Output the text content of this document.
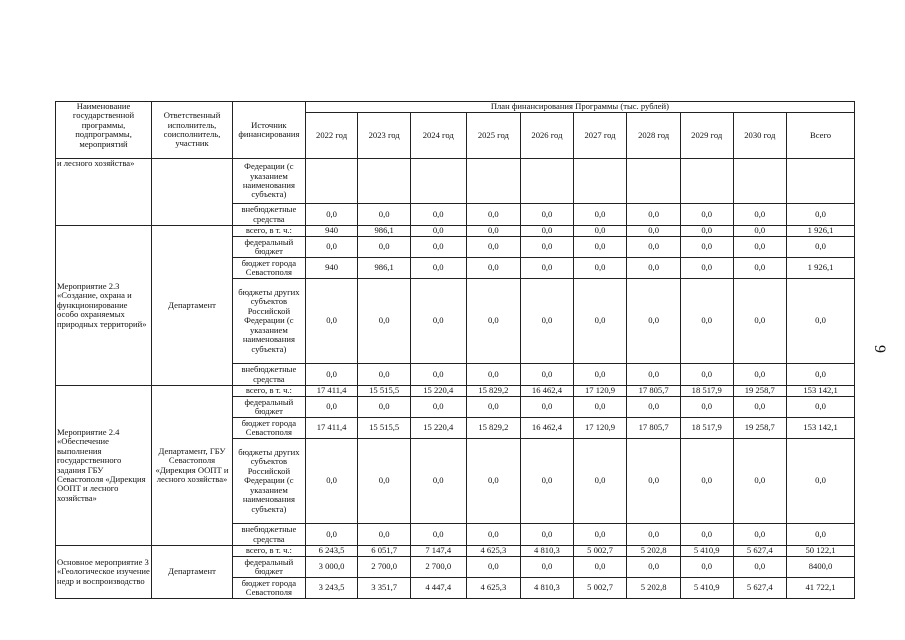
9
Наименование государственной программы, подпрограммы, мероприятий	Ответственный исполнитель, соисполнитель, участник	Источник финансирования	План финансирования Программы (тыс. рублей)									
			2022 год	2023 год	2024 год	2025 год	2026 год	2027 год	2028 год	2029 год	2030 год	Всего
и лесного хозяйства»		Федерации (с указанием наименования субъекта)										
		внебюджетные средства	0,0	0,0	0,0	0,0	0,0	0,0	0,0	0,0	0,0	0,0
Мероприятие 2.3 «Создание, охрана и функционирование особо охраняемых природных территорий»	Департамент	всего, в т. ч.:	940	986,1	0,0	0,0	0,0	0,0	0,0	0,0	0,0	1 926,1
		федеральный бюджет	0,0	0,0	0,0	0,0	0,0	0,0	0,0	0,0	0,0	0,0
		бюджет города Севастополя	940	986,1	0,0	0,0	0,0	0,0	0,0	0,0	0,0	1 926,1
		бюджеты других субъектов Российской Федерации (с указанием наименования субъекта)	0,0	0,0	0,0	0,0	0,0	0,0	0,0	0,0	0,0	0,0
		внебюджетные средства	0,0	0,0	0,0	0,0	0,0	0,0	0,0	0,0	0,0	0,0
Мероприятие 2.4 «Обеспечение выполнения государственного задания ГБУ Севастополя «Дирекция ООПТ и лесного хозяйства»	Департамент, ГБУ Севастополя «Дирекция ООПТ и лесного хозяйства»	всего, в т. ч.:	17 411,4	15 515,5	15 220,4	15 829,2	16 462,4	17 120,9	17 805,7	18 517,9	19 258,7	153 142,1
		федеральный бюджет	0,0	0,0	0,0	0,0	0,0	0,0	0,0	0,0	0,0	0,0
		бюджет города Севастополя	17 411,4	15 515,5	15 220,4	15 829,2	16 462,4	17 120,9	17 805,7	18 517,9	19 258,7	153 142,1
		бюджеты других субъектов Российской Федерации (с указанием наименования субъекта)	0,0	0,0	0,0	0,0	0,0	0,0	0,0	0,0	0,0	0,0
		внебюджетные средства	0,0	0,0	0,0	0,0	0,0	0,0	0,0	0,0	0,0	0,0
Основное мероприятие 3 «Геологическое изучение недр и воспроизводство	Департамент	всего, в т. ч.:	6 243,5	6 051,7	7 147,4	4 625,3	4 810,3	5 002,7	5 202,8	5 410,9	5 627,4	50 122,1
		федеральный бюджет	3 000,0	2 700,0	2 700,0	0,0	0,0	0,0	0,0	0,0	0,0	8400,0
		бюджет города Севастополя	3 243,5	3 351,7	4 447,4	4 625,3	4 810,3	5 002,7	5 202,8	5 410,9	5 627,4	41 722,1
